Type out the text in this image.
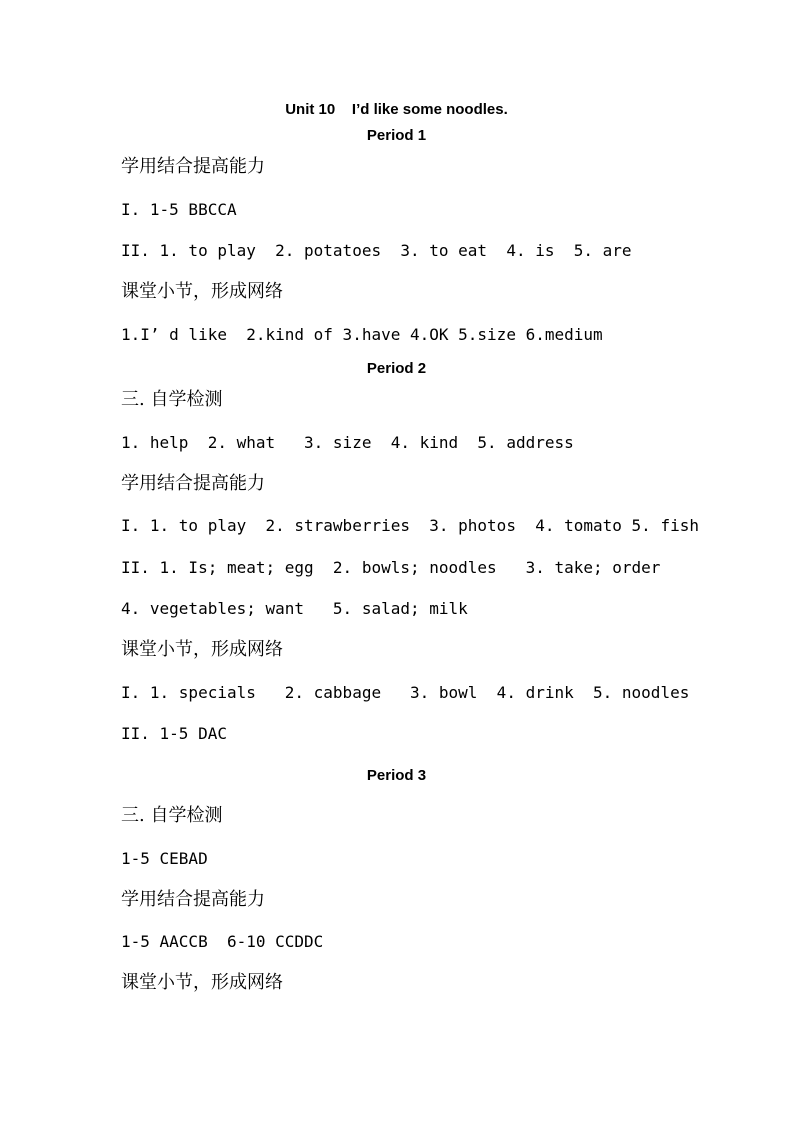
Unit 10    I’d like some noodles.
Period 1
学用结合提高能力
I. 1-5 BBCCA
II. 1. to play  2. potatoes  3. to eat  4. is  5. are
课堂小节，形成网络
1.I’ d like  2.kind of 3.have 4.OK 5.size 6.medium
Period 2
三. 自学检测
1. help  2. what   3. size  4. kind  5. address
学用结合提高能力
I. 1. to play  2. strawberries  3. photos  4. tomato 5. fish
II. 1. Is; meat; egg  2. bowls; noodles   3. take; order
4. vegetables; want   5. salad; milk
课堂小节，形成网络
I. 1. specials   2. cabbage   3. bowl  4. drink  5. noodles
II. 1-5 DAC
Period 3
三. 自学检测
1-5 CEBAD
学用结合提高能力
1-5 AACCB  6-10 CCDDC
课堂小节，形成网络
